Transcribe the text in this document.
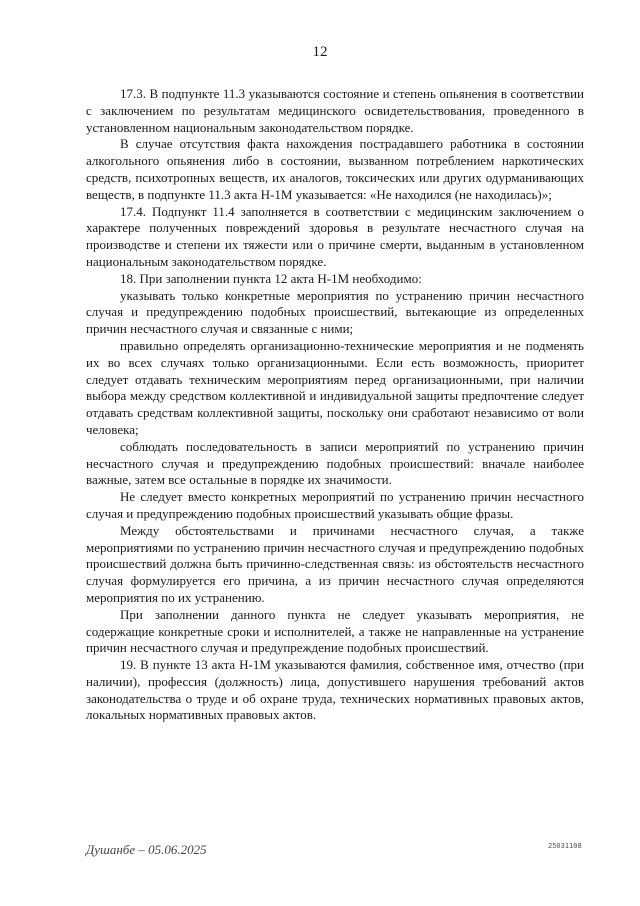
12

17.3. В подпункте 11.3 указываются состояние и степень опьянения в соответствии с заключением по результатам медицинского освидетельствования, проведенного в установленном национальным законодательством порядке.

В случае отсутствия факта нахождения пострадавшего работника в состоянии алкогольного опьянения либо в состоянии, вызванном потреблением наркотических средств, психотропных веществ, их аналогов, токсических или других одурманивающих веществ, в подпункте 11.3 акта Н-1М указывается: «Не находился (не находилась)»;

17.4. Подпункт 11.4 заполняется в соответствии с медицинским заключением о характере полученных повреждений здоровья в результате несчастного случая на производстве и степени их тяжести или о причине смерти, выданным в установленном национальным законодательством порядке.

18. При заполнении пункта 12 акта Н-1М необходимо:

указывать только конкретные мероприятия по устранению причин несчастного случая и предупреждению подобных происшествий, вытекающие из определенных причин несчастного случая и связанные с ними;

правильно определять организационно-технические мероприятия и не подменять их во всех случаях только организационными. Если есть возможность, приоритет следует отдавать техническим мероприятиям перед организационными, при наличии выбора между средством коллективной и индивидуальной защиты предпочтение следует отдавать средствам коллективной защиты, поскольку они сработают независимо от воли человека;

соблюдать последовательность в записи мероприятий по устранению причин несчастного случая и предупреждению подобных происшествий: вначале наиболее важные, затем все остальные в порядке их значимости.

Не следует вместо конкретных мероприятий по устранению причин несчастного случая и предупреждению подобных происшествий указывать общие фразы.

Между обстоятельствами и причинами несчастного случая, а также мероприятиями по устранению причин несчастного случая и предупреждению подобных происшествий должна быть причинно-следственная связь: из обстоятельств несчастного случая формулируется его причина, а из причин несчастного случая определяются мероприятия по их устранению.

При заполнении данного пункта не следует указывать мероприятия, не содержащие конкретные сроки и исполнителей, а также не направленные на устранение причин несчастного случая и предупреждение подобных происшествий.

19. В пункте 13 акта Н-1М указываются фамилия, собственное имя, отчество (при наличии), профессия (должность) лица, допустившего нарушения требований актов законодательства о труде и об охране труда, технических нормативных правовых актов, локальных нормативных правовых актов.

Душанбе – 05.06.2025	25031108
